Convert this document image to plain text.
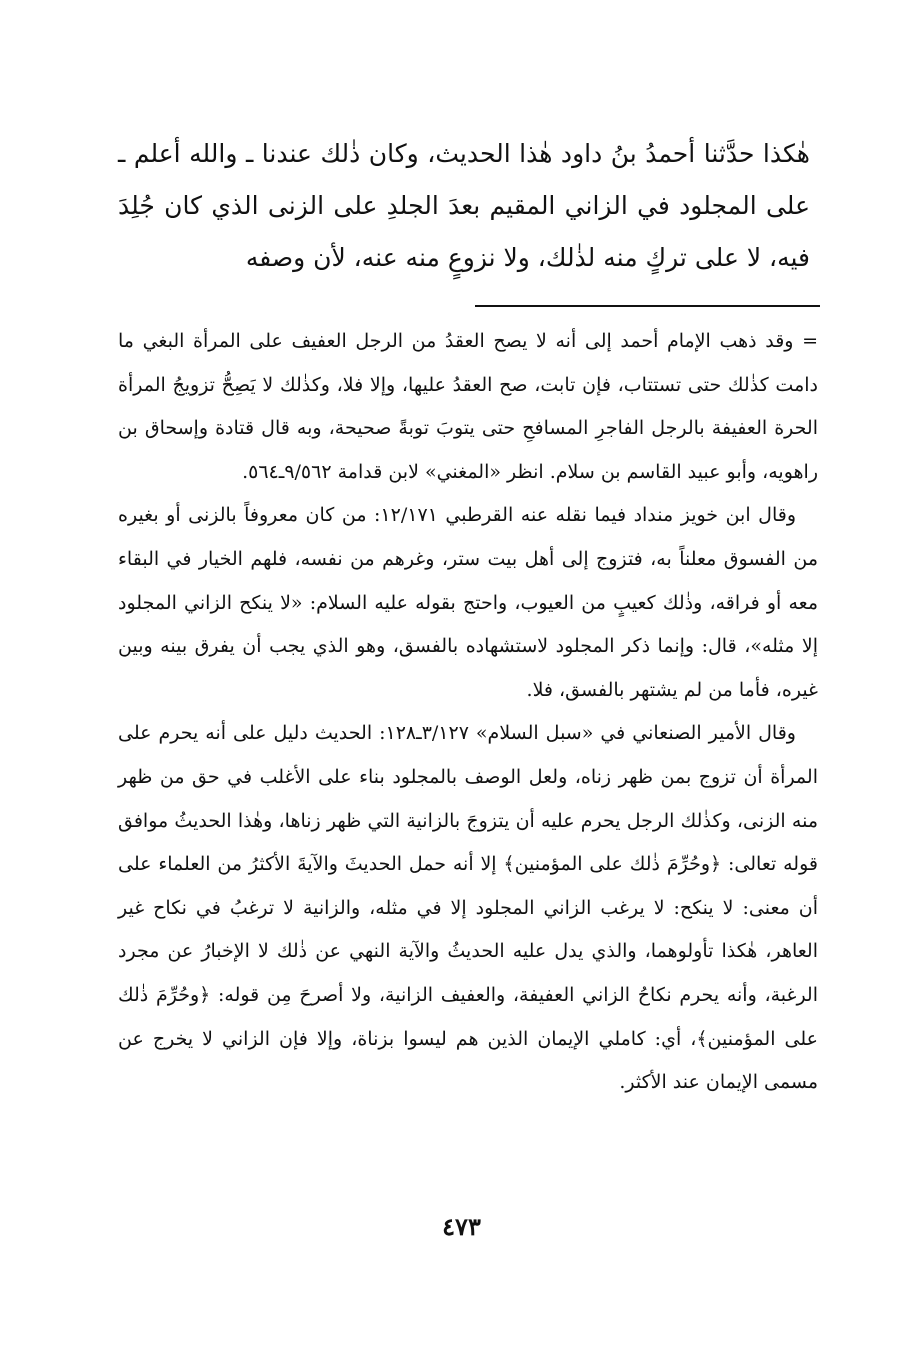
هٰكذا حدَّثنا أحمدُ بنُ داود هٰذا الحديث، وكان ذٰلك عندنا ـ والله أعلم ـ على المجلود في الزاني المقيم بعدَ الجلدِ على الزنى الذي كان جُلِدَ فيه، لا على تركٍ منه لذٰلك، ولا نزوعٍ منه عنه، لأن وصفه

= وقد ذهب الإمام أحمد إلى أنه لا يصح العقدُ من الرجل العفيف على المرأة البغي ما دامت كذٰلك حتى تستتاب، فإن تابت، صح العقدُ عليها، وإلا فلا، وكذٰلك لا يَصِحُّ تزويجُ المرأة الحرة العفيفة بالرجل الفاجرِ المسافحِ حتى يتوبَ توبةً صحيحة، وبه قال قتادة وإسحاق بن راهويه، وأبو عبيد القاسم بن سلام. انظر «المغني» لابن قدامة ٩/٥٦٢ـ٥٦٤.

وقال ابن خويز منداد فيما نقله عنه القرطبي ١٢/١٧١: من كان معروفاً بالزنى أو بغيره من الفسوق معلناً به، فتزوج إلى أهل بيت ستر، وغرهم من نفسه، فلهم الخيار في البقاء معه أو فراقه، وذٰلك كعيبٍ من العيوب، واحتج بقوله عليه السلام: «لا ينكح الزاني المجلود إلا مثله»، قال: وإنما ذكر المجلود لاستشهاده بالفسق، وهو الذي يجب أن يفرق بينه وبين غيره، فأما من لم يشتهر بالفسق، فلا.

وقال الأمير الصنعاني في «سبل السلام» ٣/١٢٧ـ١٢٨: الحديث دليل على أنه يحرم على المرأة أن تزوج بمن ظهر زناه، ولعل الوصف بالمجلود بناء على الأغلب في حق من ظهر منه الزنى، وكذٰلك الرجل يحرم عليه أن يتزوجَ بالزانية التي ظهر زناها، وهٰذا الحديثُ موافق قوله تعالى: ﴿وحُرِّمَ ذٰلك على المؤمنين﴾ إلا أنه حمل الحديثَ والآيةَ الأكثرُ من العلماء على أن معنى: لا ينكح: لا يرغب الزاني المجلود إلا في مثله، والزانية لا ترغبُ في نكاح غير العاهر، هٰكذا تأولوهما، والذي يدل عليه الحديثُ والآية النهي عن ذٰلك لا الإخبارُ عن مجرد الرغبة، وأنه يحرم نكاحُ الزاني العفيفة، والعفيف الزانية، ولا أصرحَ مِن قوله: ﴿وحُرِّمَ ذٰلك على المؤمنين﴾، أي: كاملي الإيمان الذين هم ليسوا بزناة، وإلا فإن الزاني لا يخرج عن مسمى الإيمان عند الأكثر.

٤٧٣
